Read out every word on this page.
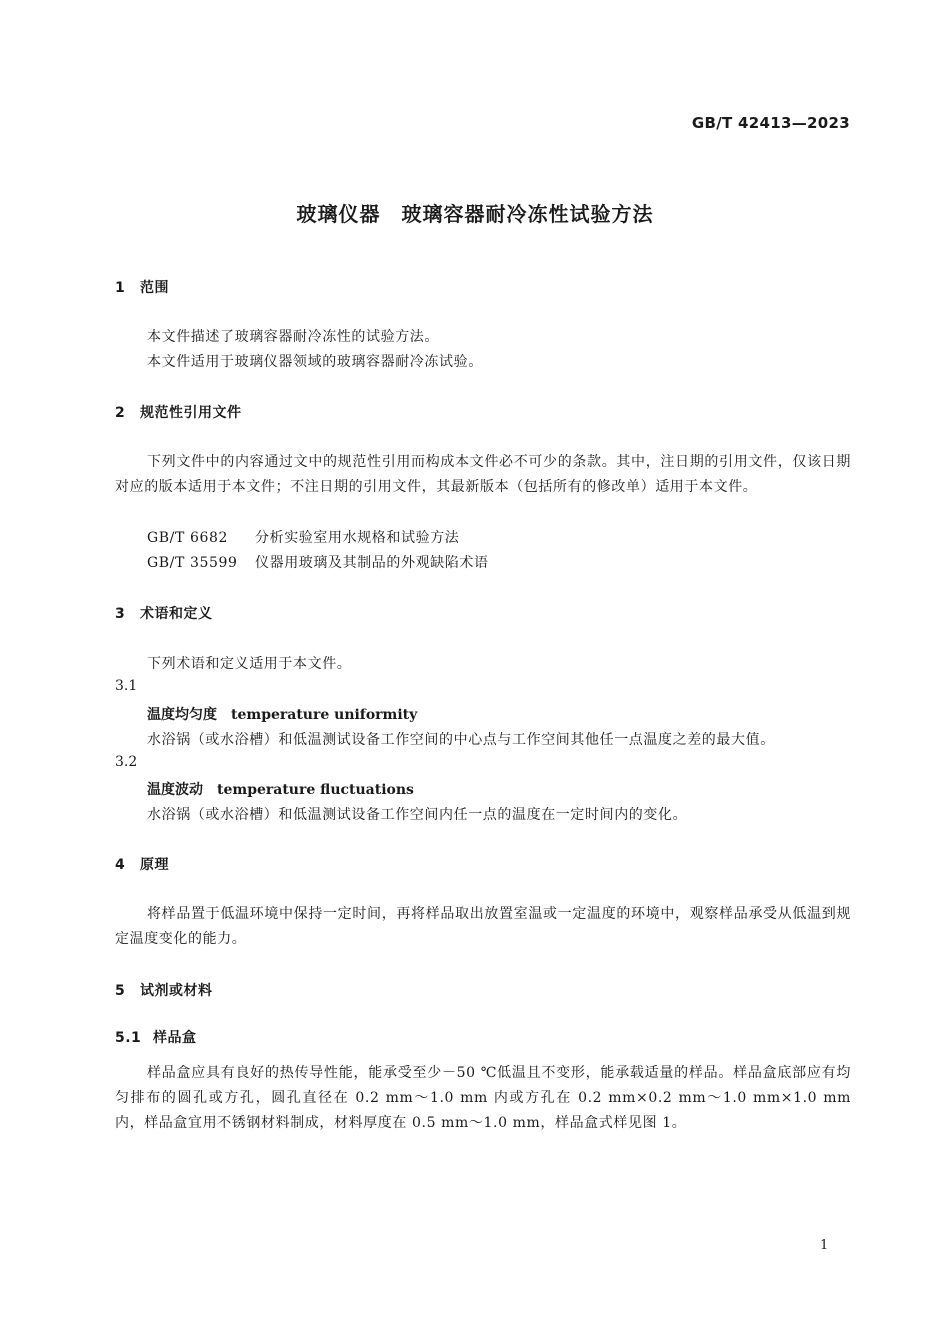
GB/T 42413—2023
玻璃仪器　玻璃容器耐冷冻性试验方法
1 范围
本文件描述了玻璃容器耐冷冻性的试验方法。
本文件适用于玻璃仪器领域的玻璃容器耐冷冻试验。
2 规范性引用文件
下列文件中的内容通过文中的规范性引用而构成本文件必不可少的条款。其中，注日期的引用文件，仅该日期对应的版本适用于本文件；不注日期的引用文件，其最新版本（包括所有的修改单）适用于本文件。
GB/T 6682 分析实验室用水规格和试验方法
GB/T 35599 仪器用玻璃及其制品的外观缺陷术语
3 术语和定义
下列术语和定义适用于本文件。
3.1
温度均匀度 temperature uniformity
水浴锅（或水浴槽）和低温测试设备工作空间的中心点与工作空间其他任一点温度之差的最大值。
3.2
温度波动 temperature fluctuations
水浴锅（或水浴槽）和低温测试设备工作空间内任一点的温度在一定时间内的变化。
4 原理
将样品置于低温环境中保持一定时间，再将样品取出放置室温或一定温度的环境中，观察样品承受从低温到规定温度变化的能力。
5 试剂或材料
5.1 样品盒
样品盒应具有良好的热传导性能，能承受至少－50 ℃低温且不变形，能承载适量的样品。样品盒底部应有均匀排布的圆孔或方孔，圆孔直径在 0.2 mm～1.0 mm 内或方孔在 0.2 mm×0.2 mm～1.0 mm×1.0 mm 内，样品盒宜用不锈钢材料制成，材料厚度在 0.5 mm～1.0 mm，样品盒式样见图 1。
1
